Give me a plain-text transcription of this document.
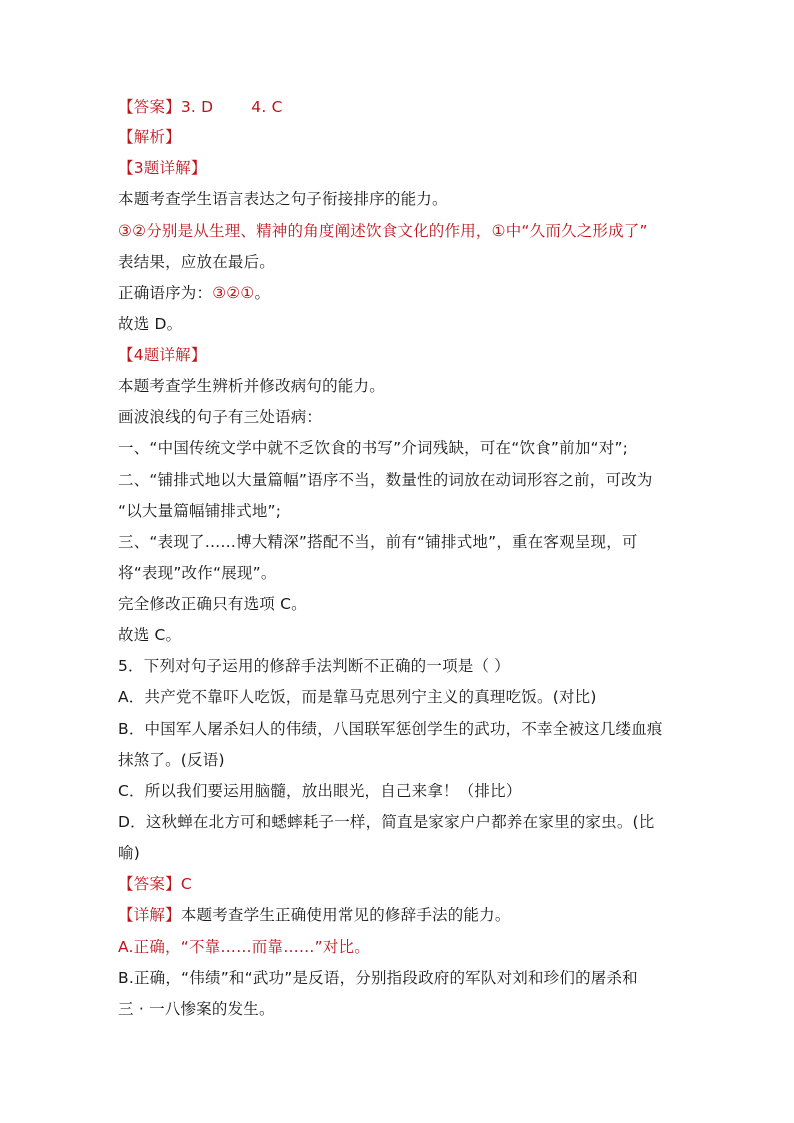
【答案】3. D 4. C
【解析】
【3题详解】
本题考查学生语言表达之句子衔接排序的能力。
③②分别是从生理、精神的角度阐述饮食文化的作用，①中“久而久之形成了”
表结果，应放在最后。
正确语序为：③②①。
故选 D。
【4题详解】
本题考查学生辨析并修改病句的能力。
画波浪线的句子有三处语病：
一、“中国传统文学中就不乏饮食的书写”介词残缺，可在“饮食”前加“对”;
二、“铺排式地以大量篇幅”语序不当，数量性的词放在动词形容之前，可改为
“以大量篇幅铺排式地”;
三、“表现了……博大精深”搭配不当，前有“铺排式地”，重在客观呈现，可
将“表现”改作“展现”。
完全修改正确只有选项 C。
故选 C。
5．下列对句子运用的修辞手法判断不正确的一项是（ ）
A．共产党不靠吓人吃饭，而是靠马克思列宁主义的真理吃饭。(对比)
B．中国军人屠杀妇人的伟绩，八国联军惩创学生的武功，不幸全被这几缕血痕
抹煞了。(反语)
C．所以我们要运用脑髓，放出眼光，自己来拿！（排比）
D．这秋蝉在北方可和蟋蟀耗子一样，简直是家家户户都养在家里的家虫。(比
喻)
【答案】C
【详解】本题考查学生正确使用常见的修辞手法的能力。
A.正确，“不靠……而靠……”对比。
B.正确，“伟绩”和“武功”是反语，分别指段政府的军队对刘和珍们的屠杀和
三 · 一八惨案的发生。
